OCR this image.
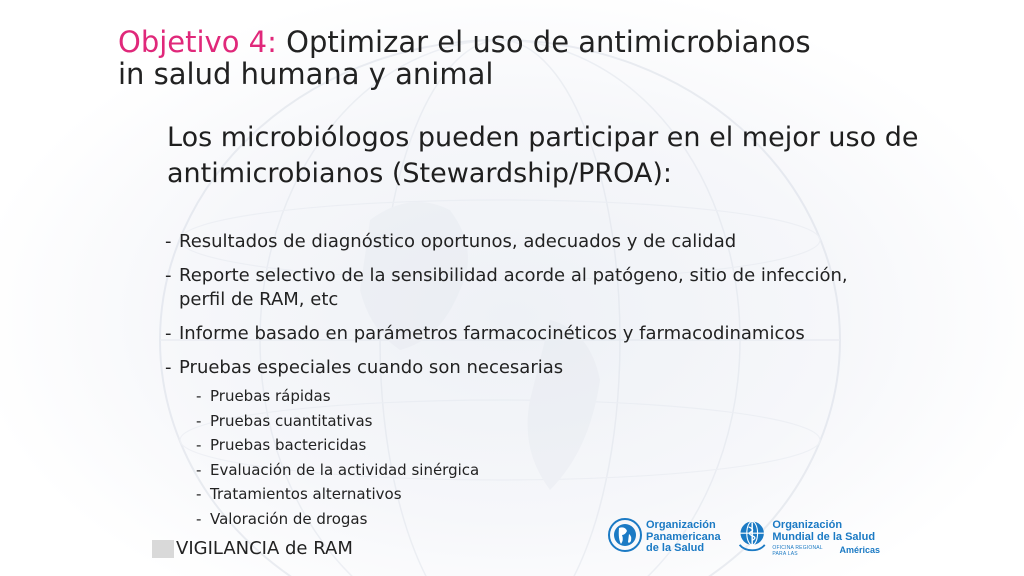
Objetivo 4: Optimizar el uso de antimicrobianos
in salud humana y animal
Los microbiólogos pueden participar en el mejor uso de
antimicrobianos (Stewardship/PROA):
- Resultados de diagnóstico oportunos, adecuados y de calidad
- Reporte selectivo de la sensibilidad acorde al patógeno, sitio de infección, perfil de RAM, etc
- Informe basado en parámetros farmacocinéticos y farmacodinamicos
- Pruebas especiales cuando son necesarias
- Pruebas rápidas
- Pruebas cuantitativas
- Pruebas bactericidas
- Evaluación de la actividad sinérgica
- Tratamientos alternativos
- Valoración de drogas
VIGILANCIA de RAM
Organización
Panamericana
de la Salud
Organización
Mundial de la Salud
OFICINA REGIONAL PARA LAS	Américas
